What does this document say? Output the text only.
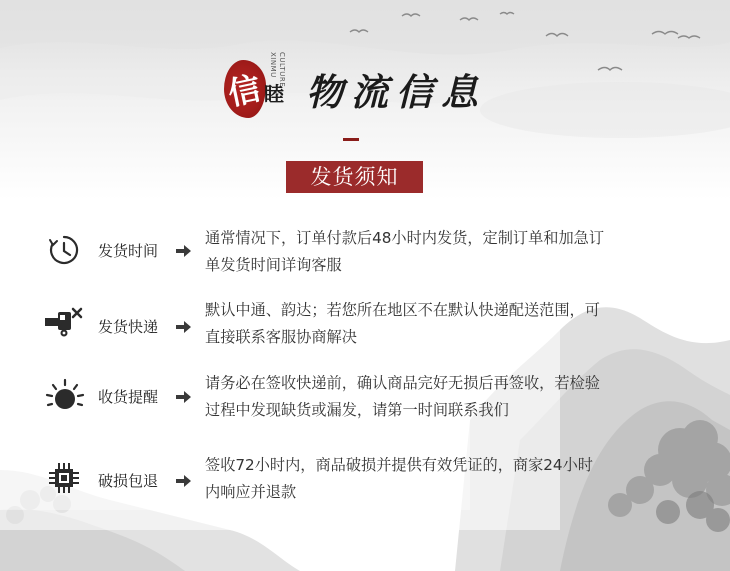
信 睦
XINMU CULTURE
物流信息
发货须知
发货时间
通常情况下，订单付款后48小时内发货，定制订单和加急订
单发货时间详询客服
发货快递
默认中通、韵达；若您所在地区不在默认快递配送范围，可
直接联系客服协商解决
收货提醒
请务必在签收快递前，确认商品完好无损后再签收，若检验
过程中发现缺货或漏发，请第一时间联系我们
破损包退
签收72小时内，商品破损并提供有效凭证的，商家24小时
内响应并退款
